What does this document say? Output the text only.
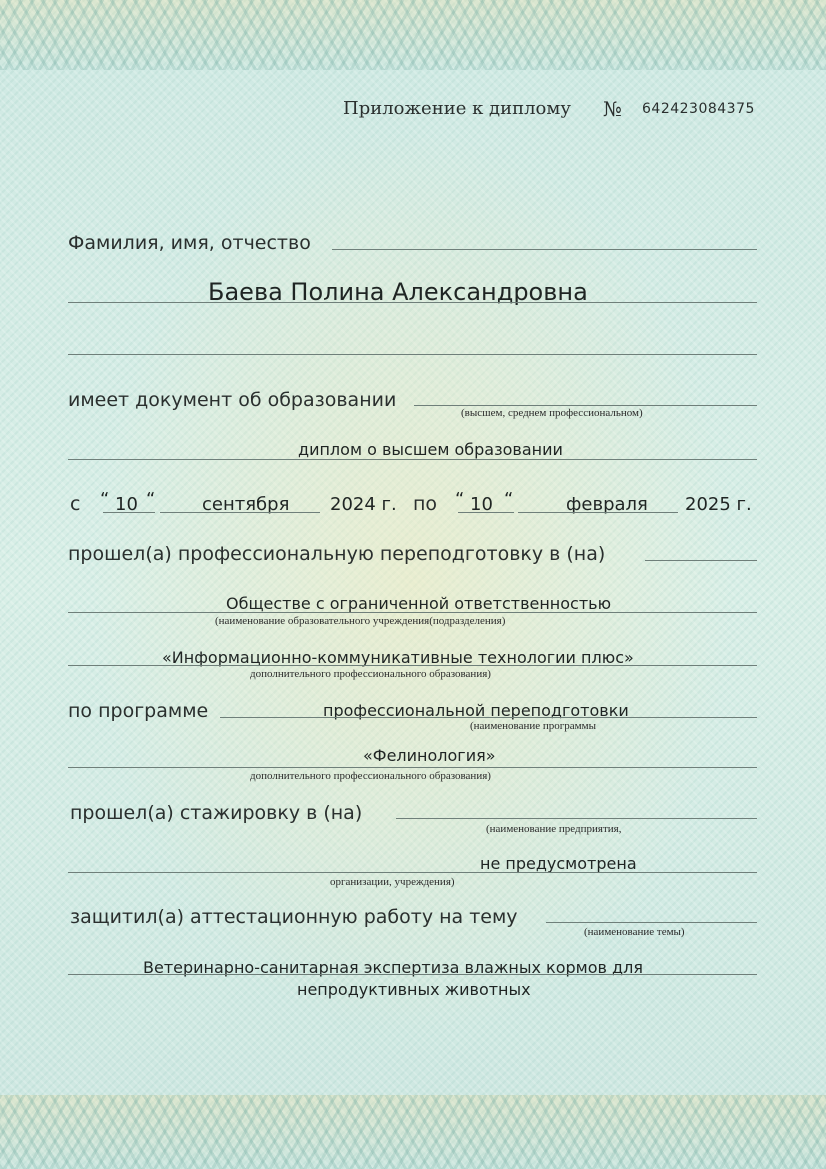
Приложение к диплому № 642423084375
Фамилия, имя, отчество
Баева Полина Александровна
имеет документ об образовании
(высшем, среднем профессиональном)
диплом о высшем образовании
с “ 10 “	сентября 2024 г. по “ 10 “	февраля 2025 г.
прошел(а) профессиональную переподготовку в (на)
Обществе с ограниченной ответственностью
(наименование образовательного учреждения(подразделения)
«Информационно-коммуникативные технологии плюс»
дополнительного профессионального образования)
по программе	профессиональной переподготовки
(наименование программы
«Фелинология»
дополнительного профессионального образования)
прошел(а) стажировку в (на)
(наименование предприятия,
не предусмотрена
организации, учреждения)
защитил(а) аттестационную работу на тему
(наименование темы)
Ветеринарно-санитарная экспертиза влажных кормов для
непродуктивных животных
